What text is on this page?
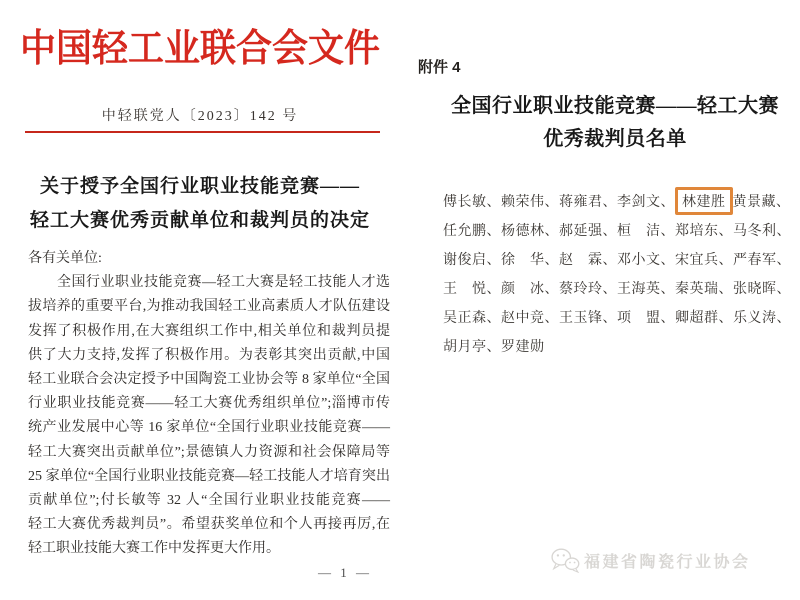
中国轻工业联合会文件
中轻联党人〔2023〕142 号
关于授予全国行业职业技能竞赛——
轻工大赛优秀贡献单位和裁判员的决定
各有关单位:
　　全国行业职业技能竞赛—轻工大赛是轻工技能人才选
拔培养的重要平台,为推动我国轻工业高素质人才队伍建设
发挥了积极作用,在大赛组织工作中,相关单位和裁判员提
供了大力支持,发挥了积极作用。为表彰其突出贡献,中国
轻工业联合会决定授予中国陶瓷工业协会等 8 家单位“全国
行业职业技能竞赛——轻工大赛优秀组织单位”;淄博市传
统产业发展中心等 16 家单位“全国行业职业技能竞赛——
轻工大赛突出贡献单位”;景德镇人力资源和社会保障局等
25 家单位“全国行业职业技能竞赛—轻工技能人才培育突出
贡献单位”;付长敏等 32 人“全国行业职业技能竞赛——
轻工大赛优秀裁判员”。希望获奖单位和个人再接再厉,在
轻工职业技能大赛工作中发挥更大作用。
— 1 —
附件 4
全国行业职业技能竞赛——轻工大赛
优秀裁判员名单
傅长敏、 赖荣伟、 蒋雍君、 李剑文、 林建胜 黄景藏、
任允鹏、 杨德林、 郝延强、 桓　洁、 郑培东、 马冬利、
谢俊启、 徐　华、 赵　霖、 邓小文、 宋宜兵、 严春军、
王　悦、 颜　冰、 蔡玲玲、 王海英、 秦英瑞、 张晓晖、
吴正森、 赵中竞、 王玉锋、 项　盟、 卿超群、 乐义涛、
胡月亭、 罗建勋
福建省陶瓷行业协会
